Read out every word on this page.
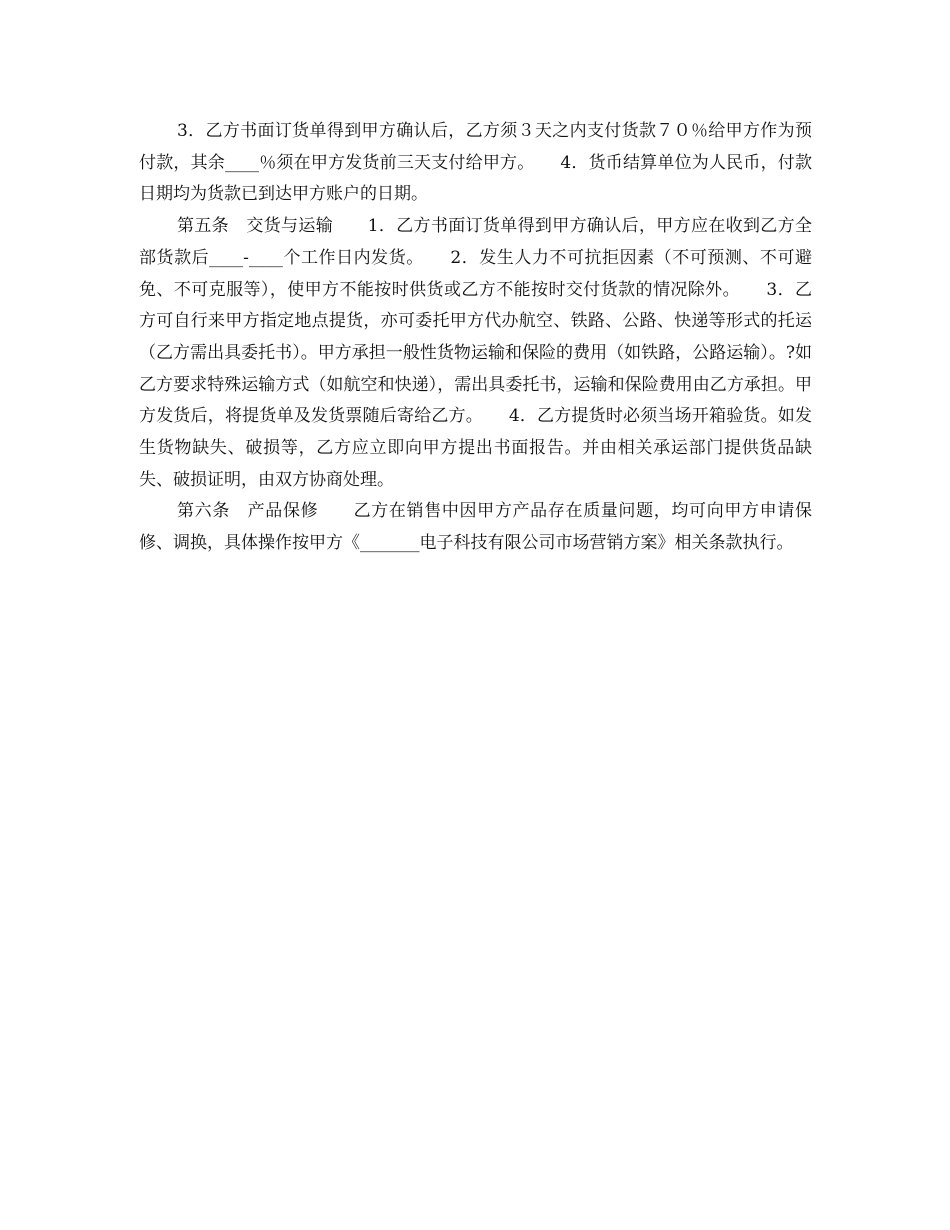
3．乙方书面订货单得到甲方确认后，乙方须３天之内支付货款７０％给甲方作为预付款，其余____％须在甲方发货前三天支付给甲方。　　4．货币结算单位为人民币，付款日期均为货款已到达甲方账户的日期。

第五条　交货与运输　　1．乙方书面订货单得到甲方确认后，甲方应在收到乙方全部货款后____-____个工作日内发货。　　2．发生人力不可抗拒因素（不可预测、不可避免、不可克服等），使甲方不能按时供货或乙方不能按时交付货款的情况除外。　　3．乙方可自行来甲方指定地点提货，亦可委托甲方代办航空、铁路、公路、快递等形式的托运（乙方需出具委托书）。甲方承担一般性货物运输和保险的费用（如铁路，公路运输）。?如乙方要求特殊运输方式（如航空和快递），需出具委托书，运输和保险费用由乙方承担。甲方发货后，将提货单及发货票随后寄给乙方。　　4．乙方提货时必须当场开箱验货。如发生货物缺失、破损等，乙方应立即向甲方提出书面报告。并由相关承运部门提供货品缺失、破损证明，由双方协商处理。

第六条　产品保修　　乙方在销售中因甲方产品存在质量问题，均可向甲方申请保修、调换，具体操作按甲方《_______电子科技有限公司市场营销方案》相关条款执行。
